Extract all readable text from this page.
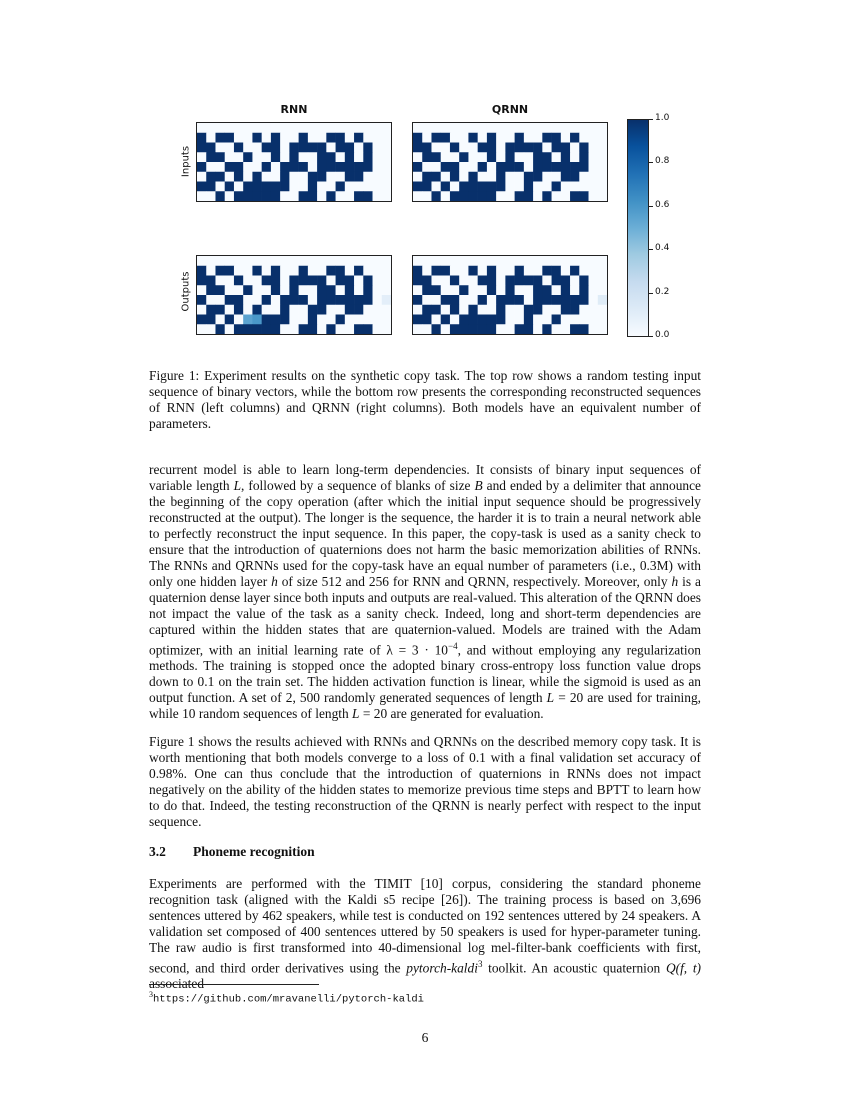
RNN	QRNN
Inputs
Outputs
1.0
0.8
0.6
0.4
0.2
0.0
Figure 1: Experiment results on the synthetic copy task. The top row shows a random testing input sequence of binary vectors, while the bottom row presents the corresponding reconstructed sequences of RNN (left columns) and QRNN (right columns). Both models have an equivalent number of parameters.
recurrent model is able to learn long-term dependencies. It consists of binary input sequences of variable length L, followed by a sequence of blanks of size B and ended by a delimiter that announce the beginning of the copy operation (after which the initial input sequence should be progressively reconstructed at the output). The longer is the sequence, the harder it is to train a neural network able to perfectly reconstruct the input sequence. In this paper, the copy-task is used as a sanity check to ensure that the introduction of quaternions does not harm the basic memorization abilities of RNNs. The RNNs and QRNNs used for the copy-task have an equal number of parameters (i.e., 0.3M) with only one hidden layer h of size 512 and 256 for RNN and QRNN, respectively. Moreover, only h is a quaternion dense layer since both inputs and outputs are real-valued. This alteration of the QRNN does not impact the value of the task as a sanity check. Indeed, long and short-term dependencies are captured within the hidden states that are quaternion-valued. Models are trained with the Adam optimizer, with an initial learning rate of $\lambda = 3 \cdot 10^{-4}$, and without employing any regularization methods. The training is stopped once the adopted binary cross-entropy loss function value drops down to 0.1 on the train set. The hidden activation function is linear, while the sigmoid is used as an output function. A set of 2, 500 randomly generated sequences of length L = 20 are used for training, while 10 random sequences of length L = 20 are generated for evaluation.
Figure 1 shows the results achieved with RNNs and QRNNs on the described memory copy task. It is worth mentioning that both models converge to a loss of 0.1 with a final validation set accuracy of 0.98%. One can thus conclude that the introduction of quaternions in RNNs does not impact negatively on the ability of the hidden states to memorize previous time steps and BPTT to learn how to do that. Indeed, the testing reconstruction of the QRNN is nearly perfect with respect to the input sequence.
3.2 Phoneme recognition
Experiments are performed with the TIMIT [10] corpus, considering the standard phoneme recognition task (aligned with the Kaldi s5 recipe [26]). The training process is based on 3,696 sentences uttered by 462 speakers, while test is conducted on 192 sentences uttered by 24 speakers. A validation set composed of 400 sentences uttered by 50 speakers is used for hyper-parameter tuning. The raw audio is first transformed into 40-dimensional log mel-filter-bank coefficients with first, second, and third order derivatives using the pytorch-kaldi$^3$ toolkit. An acoustic quaternion Q(f, t) associated
$^3$https://github.com/mravanelli/pytorch-kaldi
6
